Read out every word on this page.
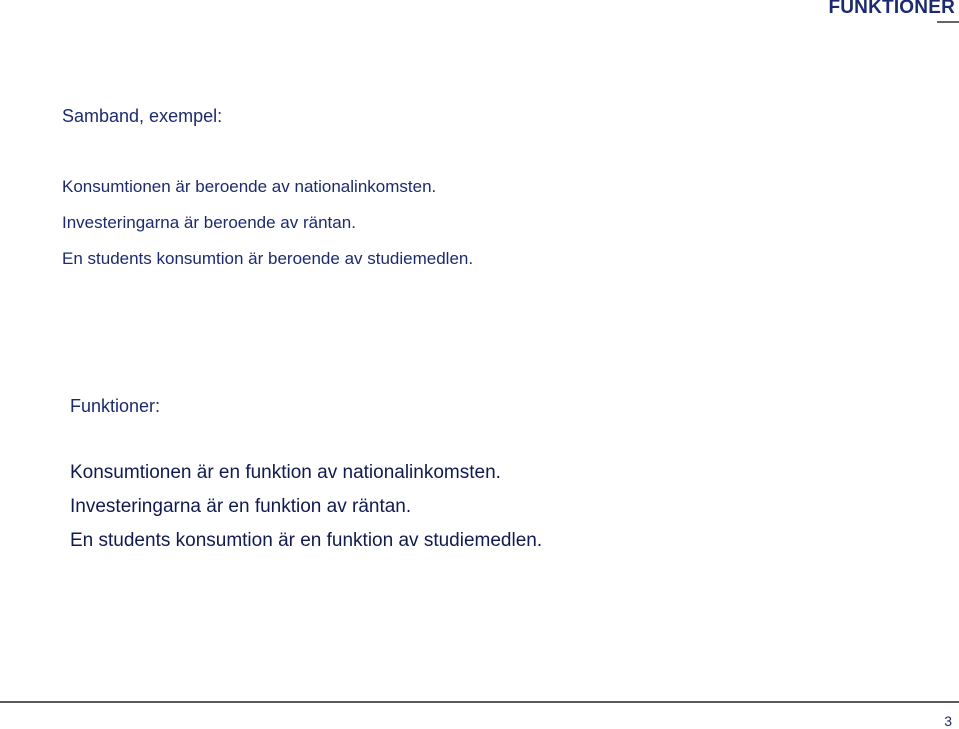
FUNKTIONER

Samband, exempel:

Konsumtionen är beroende av nationalinkomsten.
Investeringarna är beroende av räntan.
En students konsumtion är beroende av studiemedlen.

Funktioner:

Konsumtionen är en funktion av nationalinkomsten.
Investeringarna är en funktion av räntan.
En students konsumtion är en funktion av studiemedlen.
3
